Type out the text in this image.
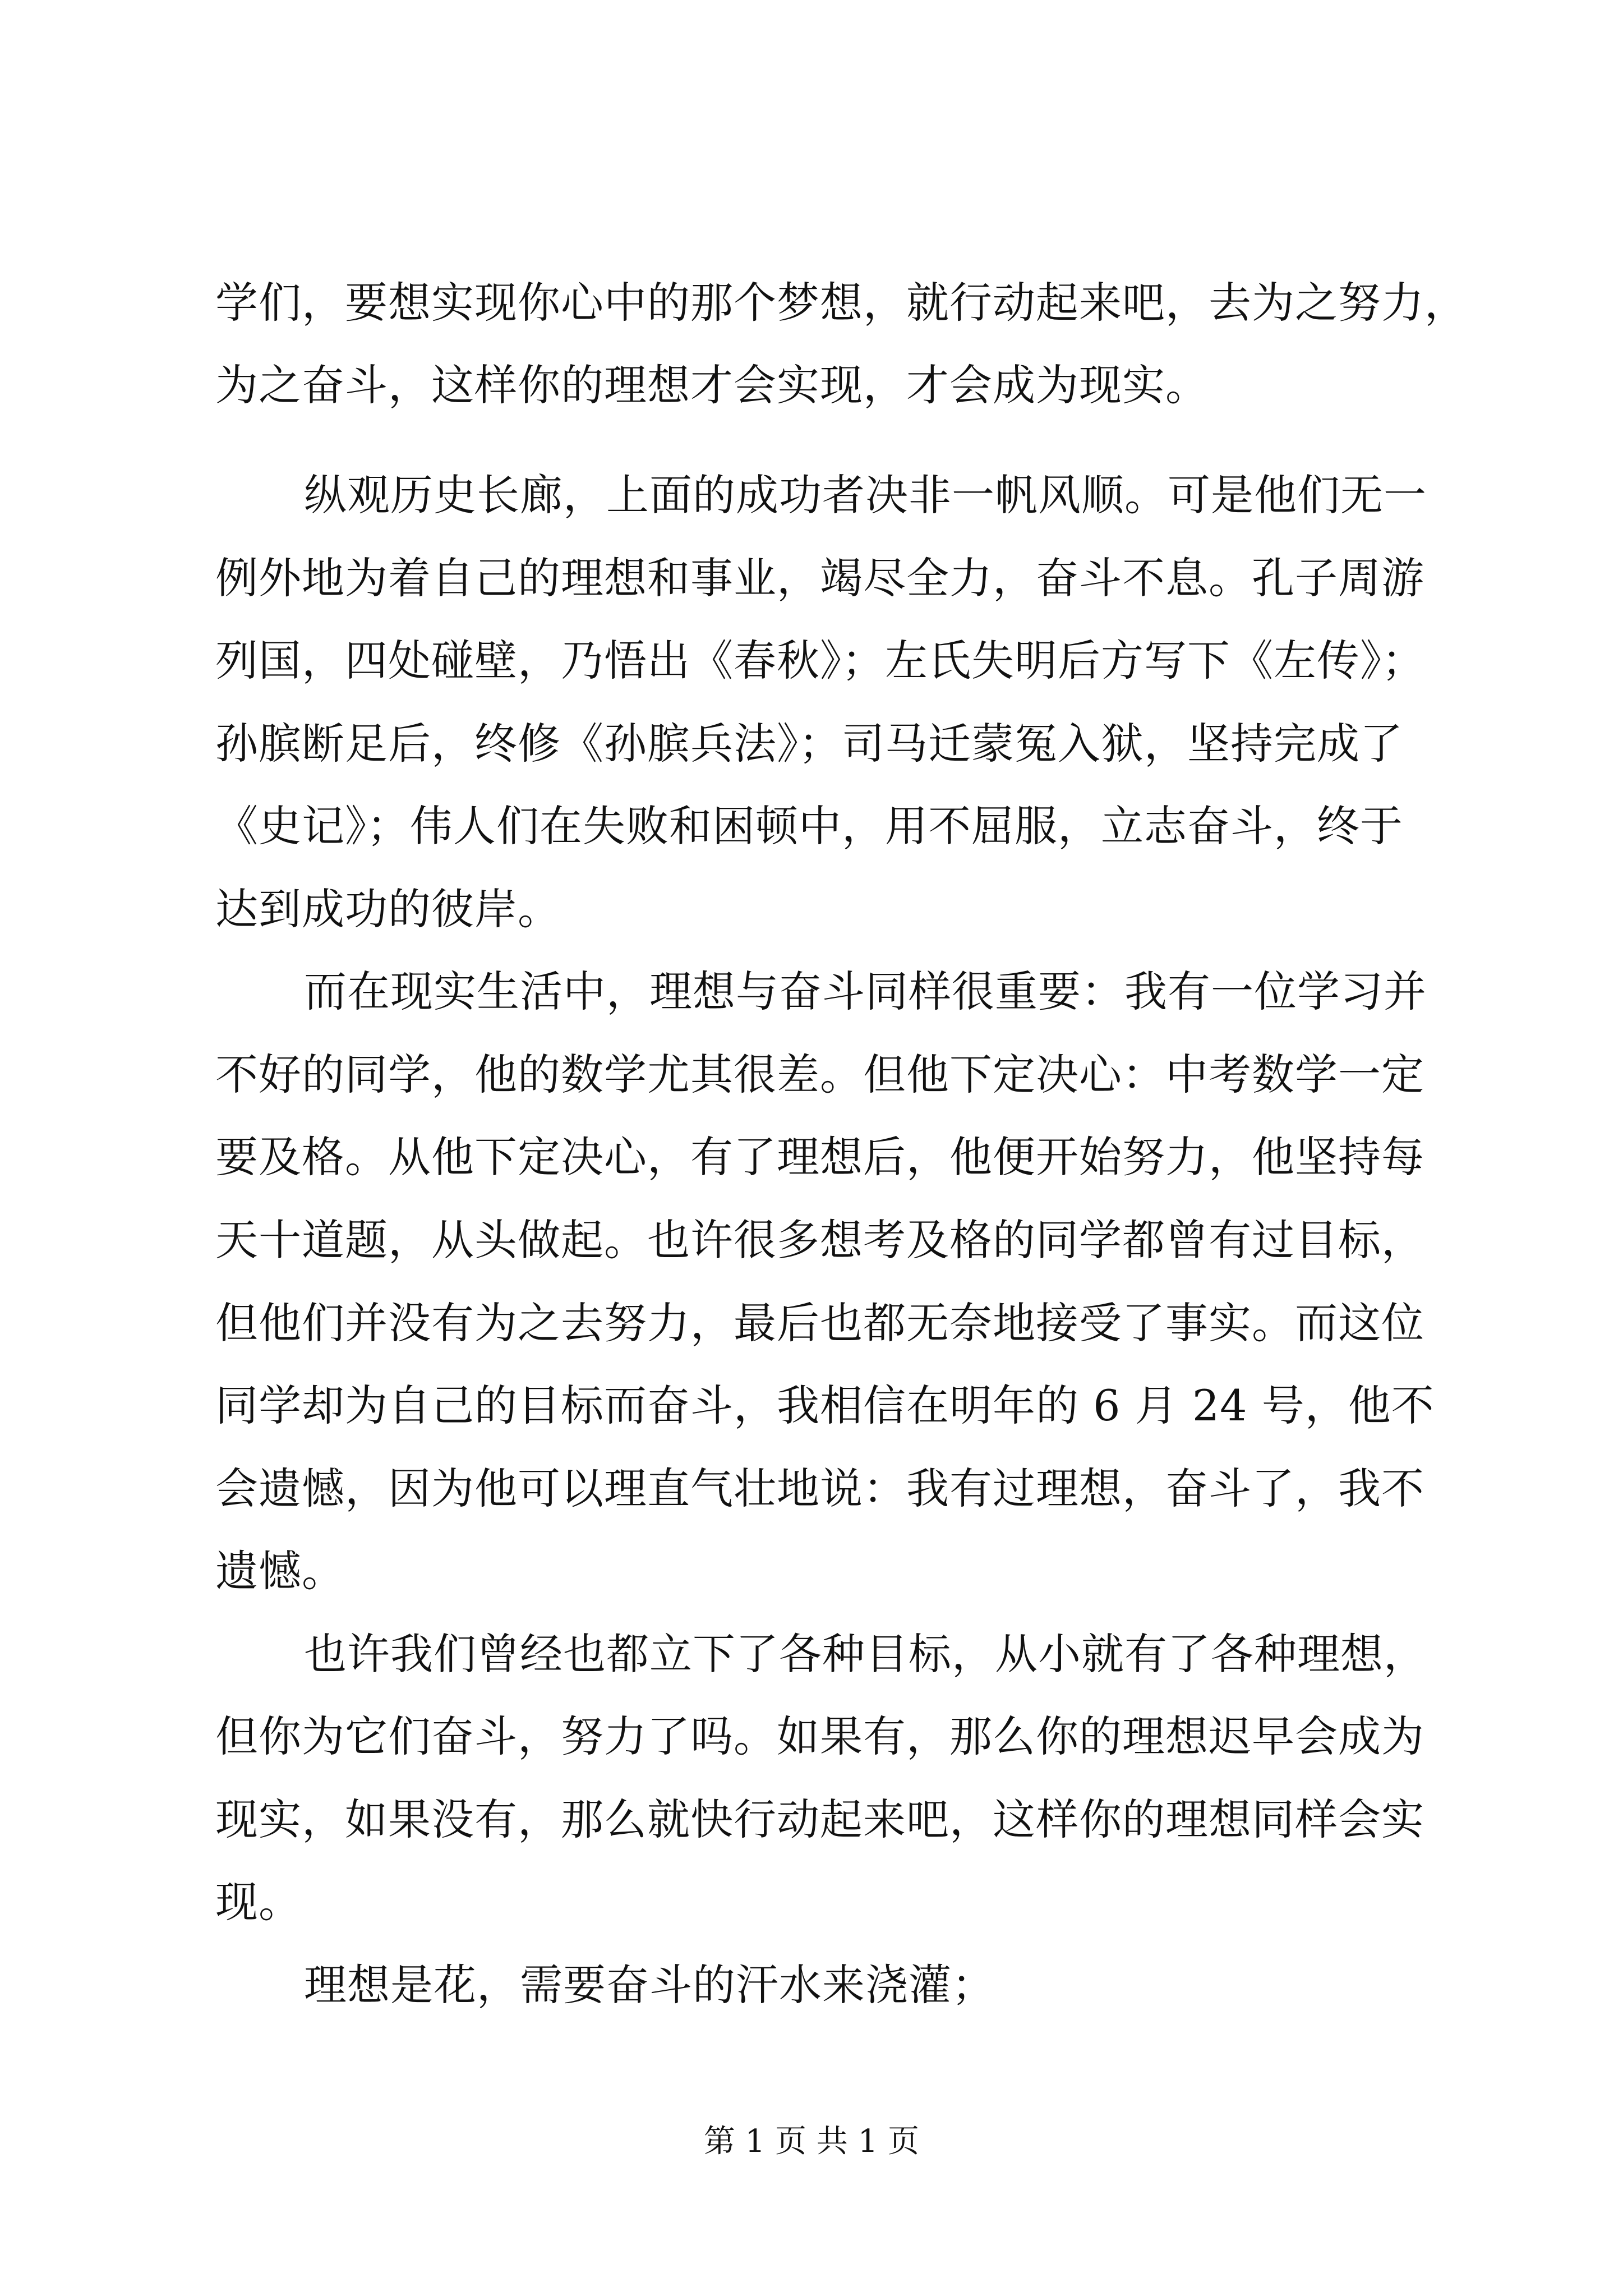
学们，要想实现你心中的那个梦想，就行动起来吧，去为之努力，
为之奋斗，这样你的理想才会实现，才会成为现实。
纵观历史长廊，上面的成功者决非一帆风顺。可是他们无一
例外地为着自己的理想和事业，竭尽全力，奋斗不息。孔子周游
列国，四处碰壁，乃悟出《春秋》；左氏失明后方写下《左传》；
孙膑断足后，终修《孙膑兵法》；司马迁蒙冤入狱，坚持完成了
《史记》；伟人们在失败和困顿中，用不屈服，立志奋斗，终于
达到成功的彼岸。
而在现实生活中，理想与奋斗同样很重要：我有一位学习并
不好的同学，他的数学尤其很差。但他下定决心：中考数学一定
要及格。从他下定决心，有了理想后，他便开始努力，他坚持每
天十道题，从头做起。也许很多想考及格的同学都曾有过目标，
但他们并没有为之去努力，最后也都无奈地接受了事实。而这位
同学却为自己的目标而奋斗，我相信在明年的 6 月 24 号，他不
会遗憾，因为他可以理直气壮地说：我有过理想，奋斗了，我不
遗憾。
也许我们曾经也都立下了各种目标，从小就有了各种理想，
但你为它们奋斗，努力了吗。如果有，那么你的理想迟早会成为
现实，如果没有，那么就快行动起来吧，这样你的理想同样会实
现。
理想是花，需要奋斗的汗水来浇灌；
第 1 页 共 1 页
